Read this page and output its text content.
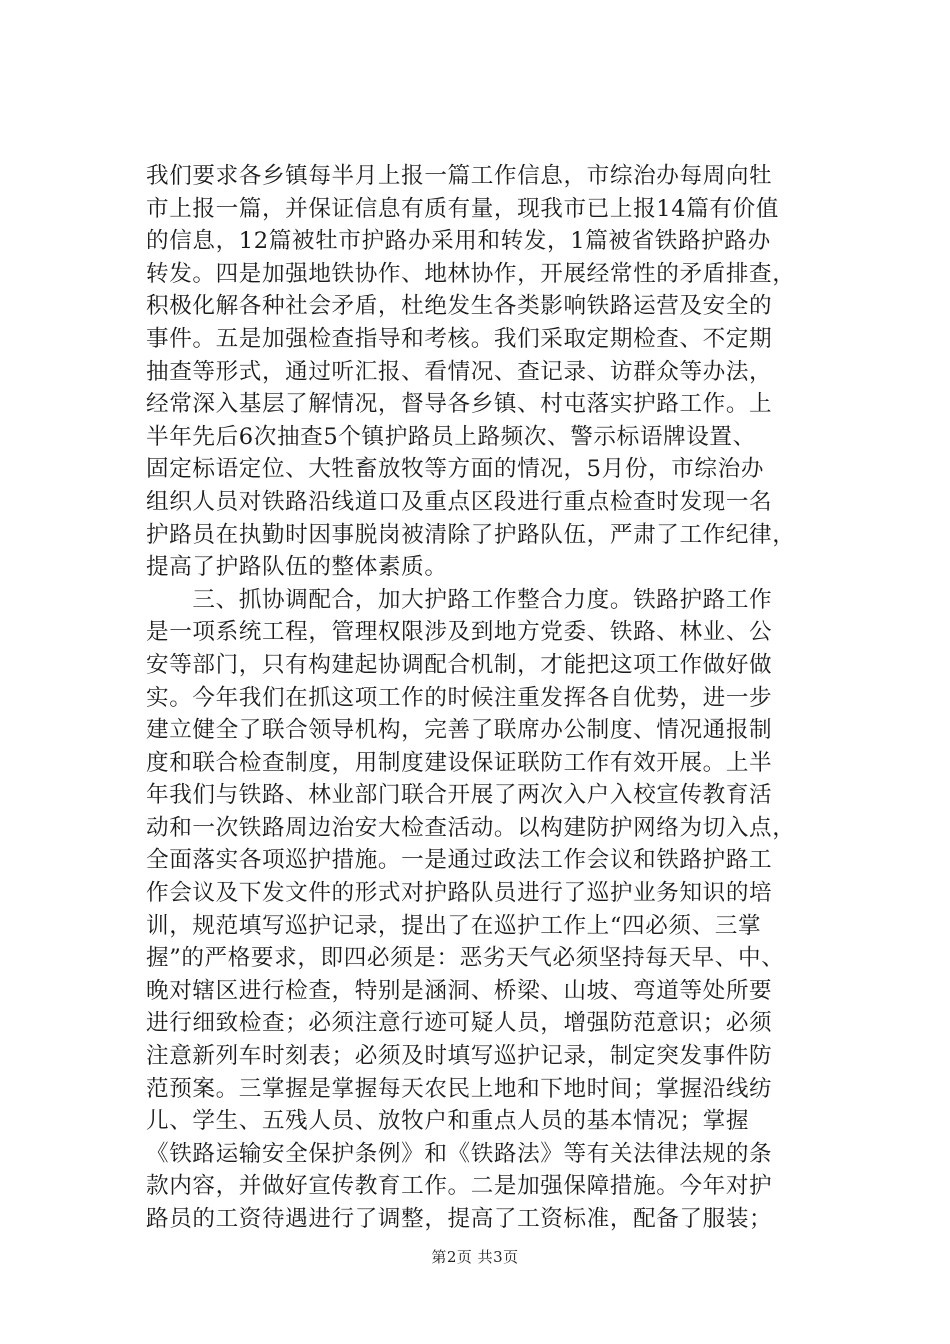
我们要求各乡镇每半月上报一篇工作信息，市综治办每周向牡
市上报一篇，并保证信息有质有量，现我市已上报14篇有价值
的信息，12篇被牡市护路办采用和转发，1篇被省铁路护路办
转发。四是加强地铁协作、地林协作，开展经常性的矛盾排查，
积极化解各种社会矛盾，杜绝发生各类影响铁路运营及安全的
事件。五是加强检查指导和考核。我们采取定期检查、不定期
抽查等形式，通过听汇报、看情况、查记录、访群众等办法，
经常深入基层了解情况，督导各乡镇、村屯落实护路工作。上
半年先后6次抽查5个镇护路员上路频次、警示标语牌设置、
固定标语定位、大牲畜放牧等方面的情况，5月份，市综治办
组织人员对铁路沿线道口及重点区段进行重点检查时发现一名
护路员在执勤时因事脱岗被清除了护路队伍，严肃了工作纪律，
提高了护路队伍的整体素质。
　　三、抓协调配合，加大护路工作整合力度。铁路护路工作
是一项系统工程，管理权限涉及到地方党委、铁路、林业、公
安等部门，只有构建起协调配合机制，才能把这项工作做好做
实。今年我们在抓这项工作的时候注重发挥各自优势，进一步
建立健全了联合领导机构，完善了联席办公制度、情况通报制
度和联合检查制度，用制度建设保证联防工作有效开展。上半
年我们与铁路、林业部门联合开展了两次入户入校宣传教育活
动和一次铁路周边治安大检查活动。以构建防护网络为切入点，
全面落实各项巡护措施。一是通过政法工作会议和铁路护路工
作会议及下发文件的形式对护路队员进行了巡护业务知识的培
训，规范填写巡护记录，提出了在巡护工作上“四必须、三掌
握”的严格要求，即四必须是：恶劣天气必须坚持每天早、中、
晚对辖区进行检查，特别是涵洞、桥梁、山坡、弯道等处所要
进行细致检查；必须注意行迹可疑人员，增强防范意识；必须
注意新列车时刻表；必须及时填写巡护记录，制定突发事件防
范预案。三掌握是掌握每天农民上地和下地时间；掌握沿线纺
儿、学生、五残人员、放牧户和重点人员的基本情况；掌握
《铁路运输安全保护条例》和《铁路法》等有关法律法规的条
款内容，并做好宣传教育工作。二是加强保障措施。今年对护
路员的工资待遇进行了调整，提高了工资标准，配备了服装；
第2页 共3页
